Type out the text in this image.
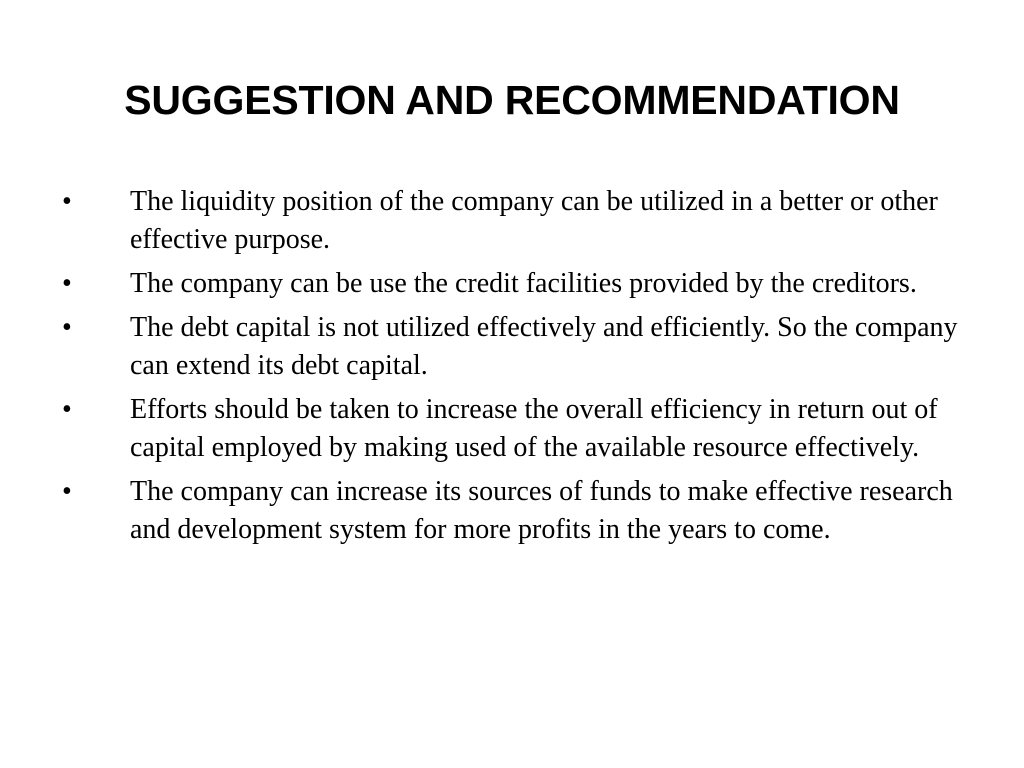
SUGGESTION AND RECOMMENDATION
• The liquidity position of the company can be utilized in a better or other effective purpose.
• The company can be use the credit facilities provided by the creditors.
• The debt capital is not utilized effectively and efficiently. So the company can extend its debt capital.
• Efforts should be taken to increase the overall efficiency in return out of capital employed by making used of the available resource effectively.
• The company can increase its sources of funds to make effective research and development system for more profits in the years to come.
